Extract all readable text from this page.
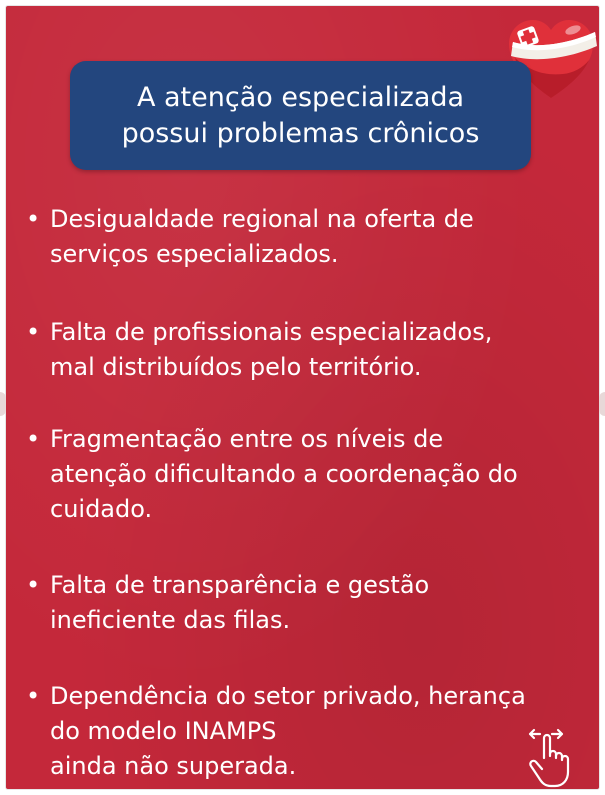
A atenção especializada
possui problemas crônicos
• Desigualdade regional na oferta de
serviços especializados.
• Falta de profissionais especializados,
mal distribuídos pelo território.
• Fragmentação entre os níveis de
atenção dificultando a coordenação do
cuidado.
• Falta de transparência e gestão
ineficiente das filas.
• Dependência do setor privado, herança
do modelo INAMPS
ainda não superada.
